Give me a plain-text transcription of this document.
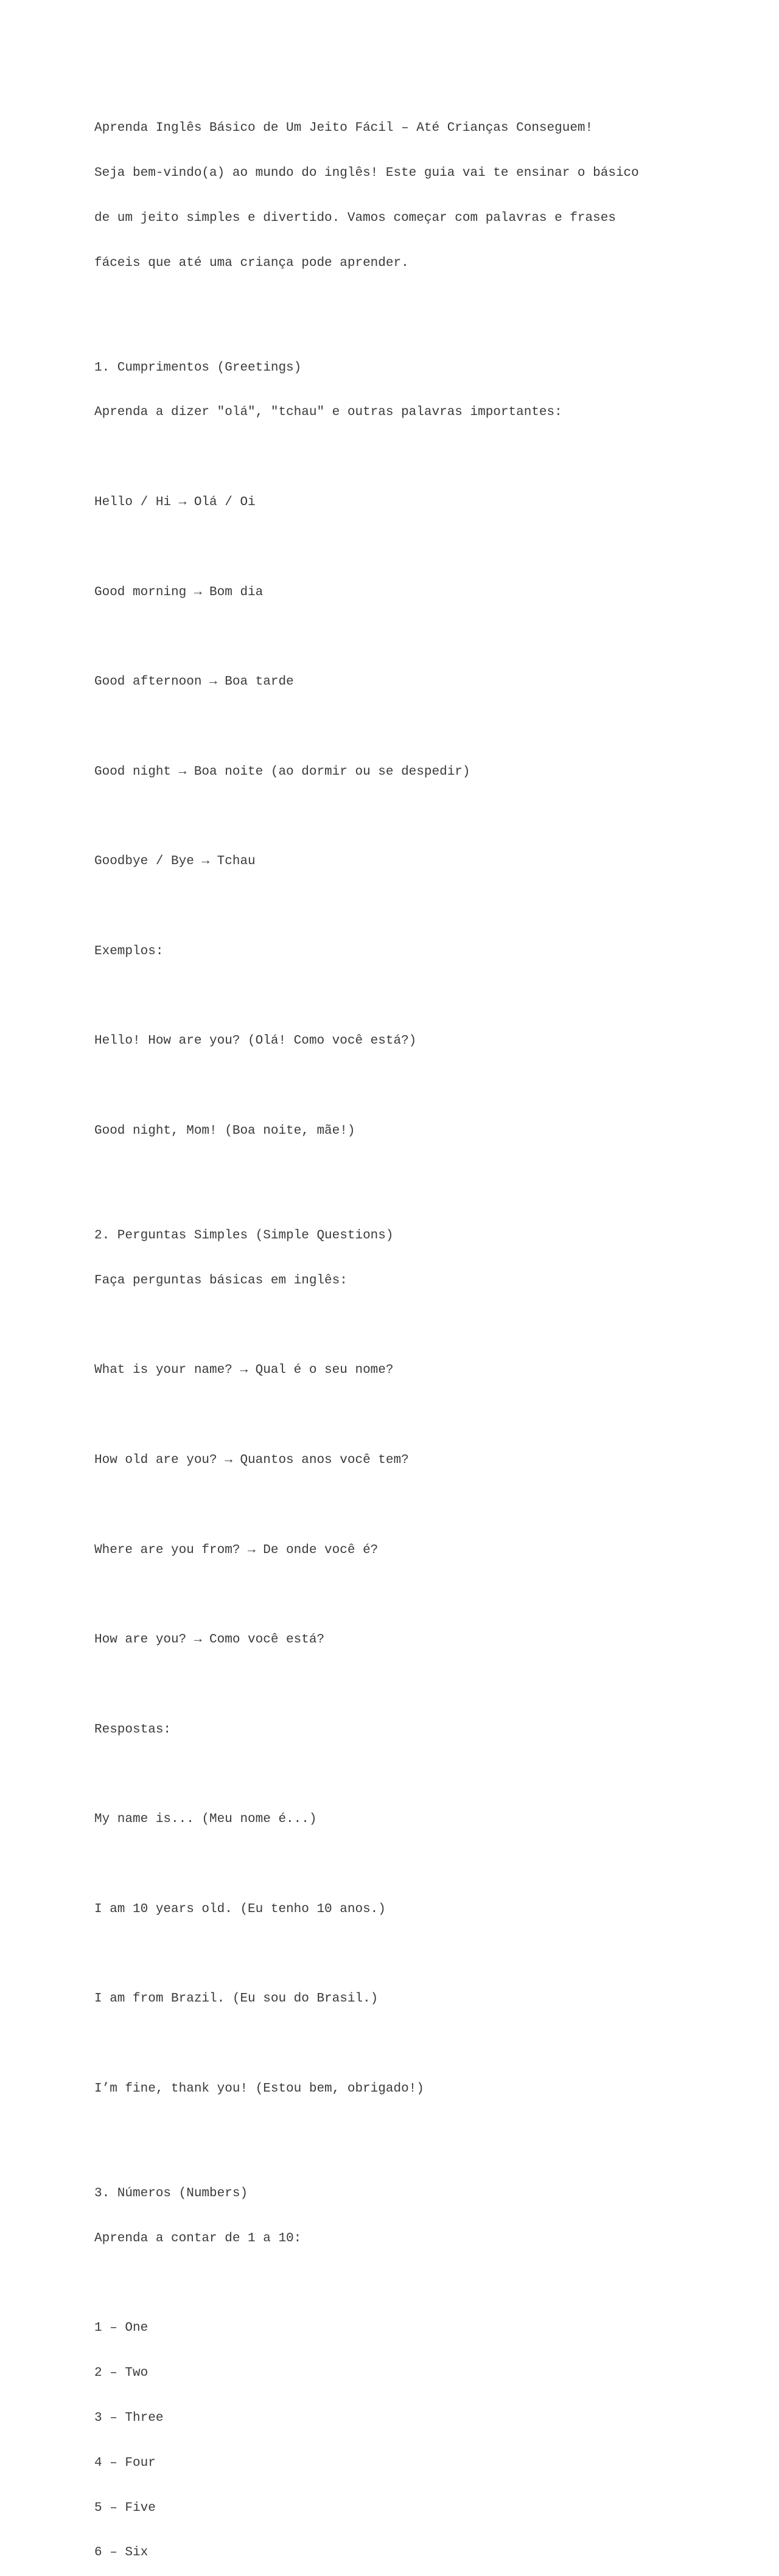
Aprenda Inglês Básico de Um Jeito Fácil – Até Crianças Conseguem!

Seja bem-vindo(a) ao mundo do inglês! Este guia vai te ensinar o básico

de um jeito simples e divertido. Vamos começar com palavras e frases

fáceis que até uma criança pode aprender.

1. Cumprimentos (Greetings)

Aprenda a dizer "olá", "tchau" e outras palavras importantes:

Hello / Hi → Olá / Oi

Good morning → Bom dia

Good afternoon → Boa tarde

Good night → Boa noite (ao dormir ou se despedir)

Goodbye / Bye → Tchau

Exemplos:

Hello! How are you? (Olá! Como você está?)

Good night, Mom! (Boa noite, mãe!)

2. Perguntas Simples (Simple Questions)

Faça perguntas básicas em inglês:

What is your name? → Qual é o seu nome?

How old are you? → Quantos anos você tem?

Where are you from? → De onde você é?

How are you? → Como você está?

Respostas:

My name is... (Meu nome é...)

I am 10 years old. (Eu tenho 10 anos.)

I am from Brazil. (Eu sou do Brasil.)

I’m fine, thank you! (Estou bem, obrigado!)

3. Números (Numbers)

Aprenda a contar de 1 a 10:

1 – One

2 – Two

3 – Three

4 – Four

5 – Five

6 – Six
